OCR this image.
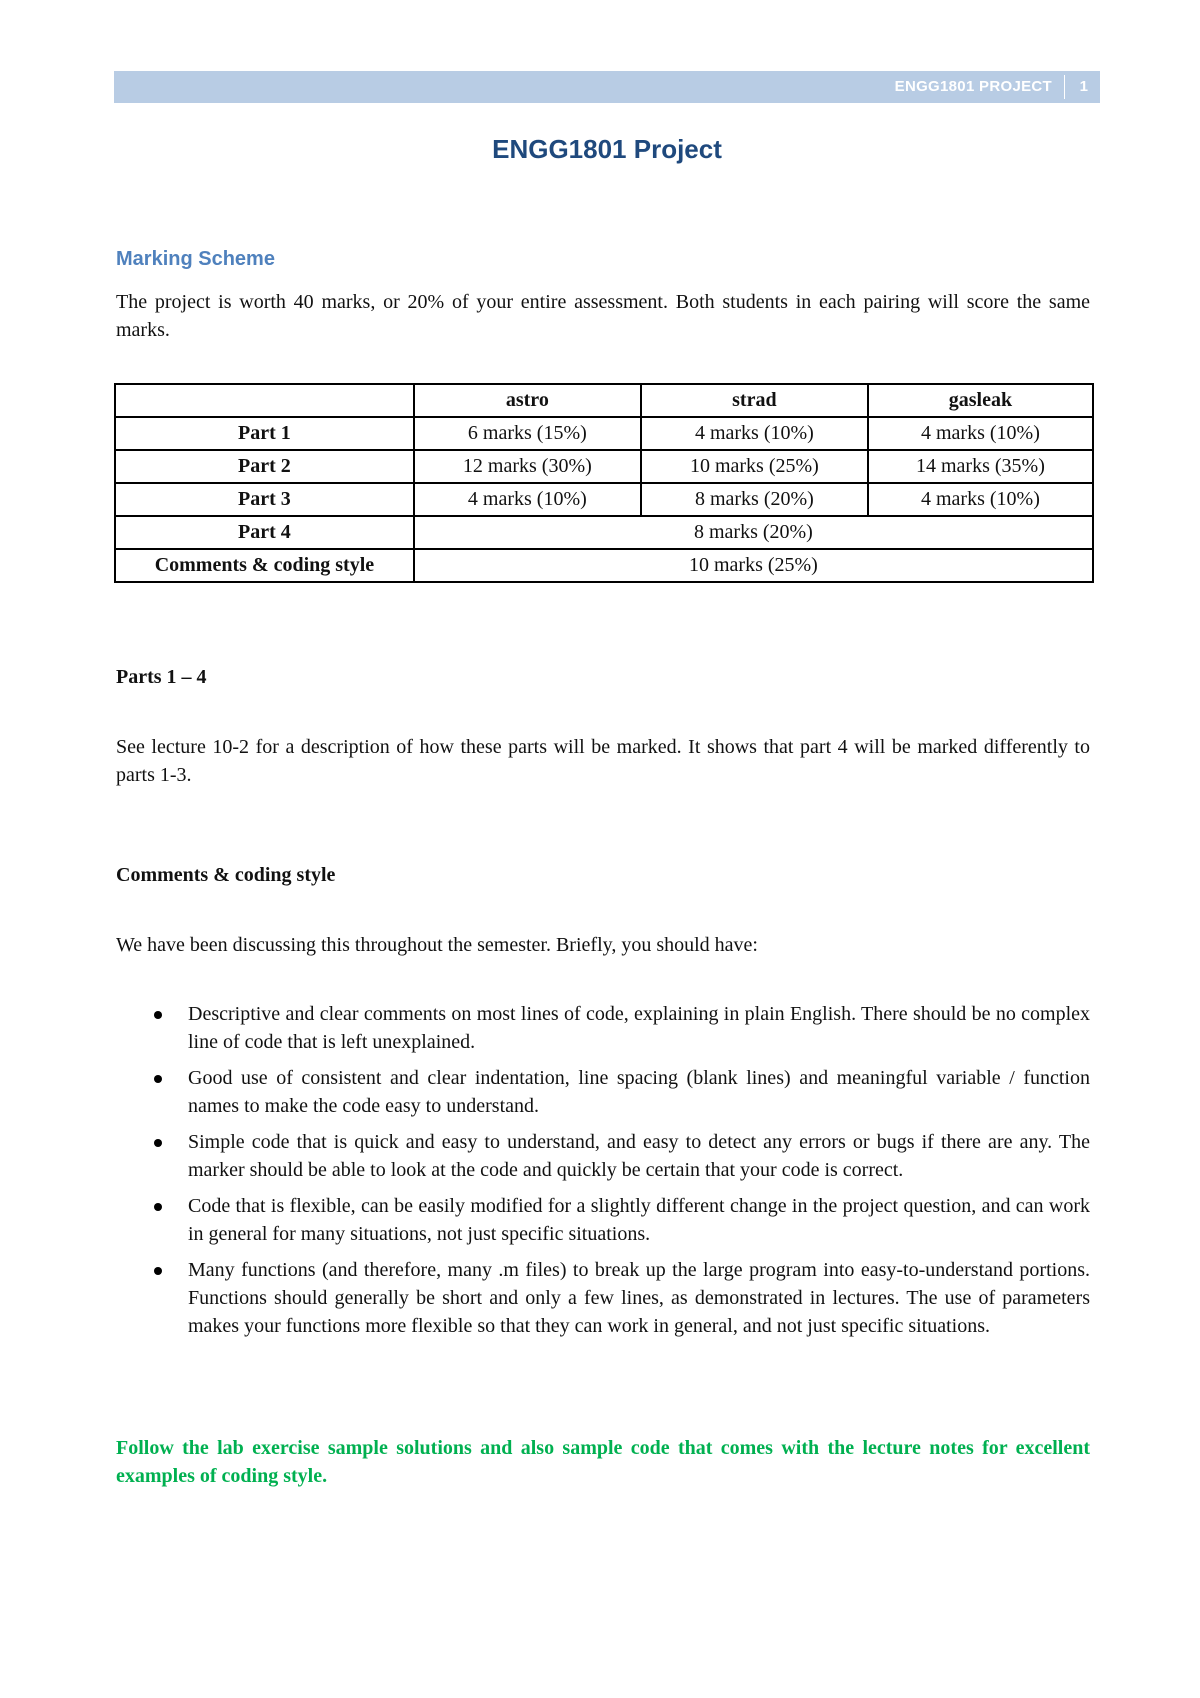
ENGG1801 PROJECT 1
ENGG1801 Project
Marking Scheme
The project is worth 40 marks, or 20% of your entire assessment. Both students in each pairing will score the same marks.
	astro	strad	gasleak
Part 1	6 marks (15%)	4 marks (10%)	4 marks (10%)
Part 2	12 marks (30%)	10 marks (25%)	14 marks (35%)
Part 3	4 marks (10%)	8 marks (20%)	4 marks (10%)
Part 4	8 marks (20%)		
Comments & coding style	10 marks (25%)		
Parts 1 – 4
See lecture 10-2 for a description of how these parts will be marked. It shows that part 4 will be marked differently to parts 1-3.
Comments & coding style
We have been discussing this throughout the semester. Briefly, you should have:
Descriptive and clear comments on most lines of code, explaining in plain English. There should be no complex line of code that is left unexplained.
Good use of consistent and clear indentation, line spacing (blank lines) and meaningful variable / function names to make the code easy to understand.
Simple code that is quick and easy to understand, and easy to detect any errors or bugs if there are any. The marker should be able to look at the code and quickly be certain that your code is correct.
Code that is flexible, can be easily modified for a slightly different change in the project question, and can work in general for many situations, not just specific situations.
Many functions (and therefore, many .m files) to break up the large program into easy-to-understand portions. Functions should generally be short and only a few lines, as demonstrated in lectures. The use of parameters makes your functions more flexible so that they can work in general, and not just specific situations.
Follow the lab exercise sample solutions and also sample code that comes with the lecture notes for excellent examples of coding style.
